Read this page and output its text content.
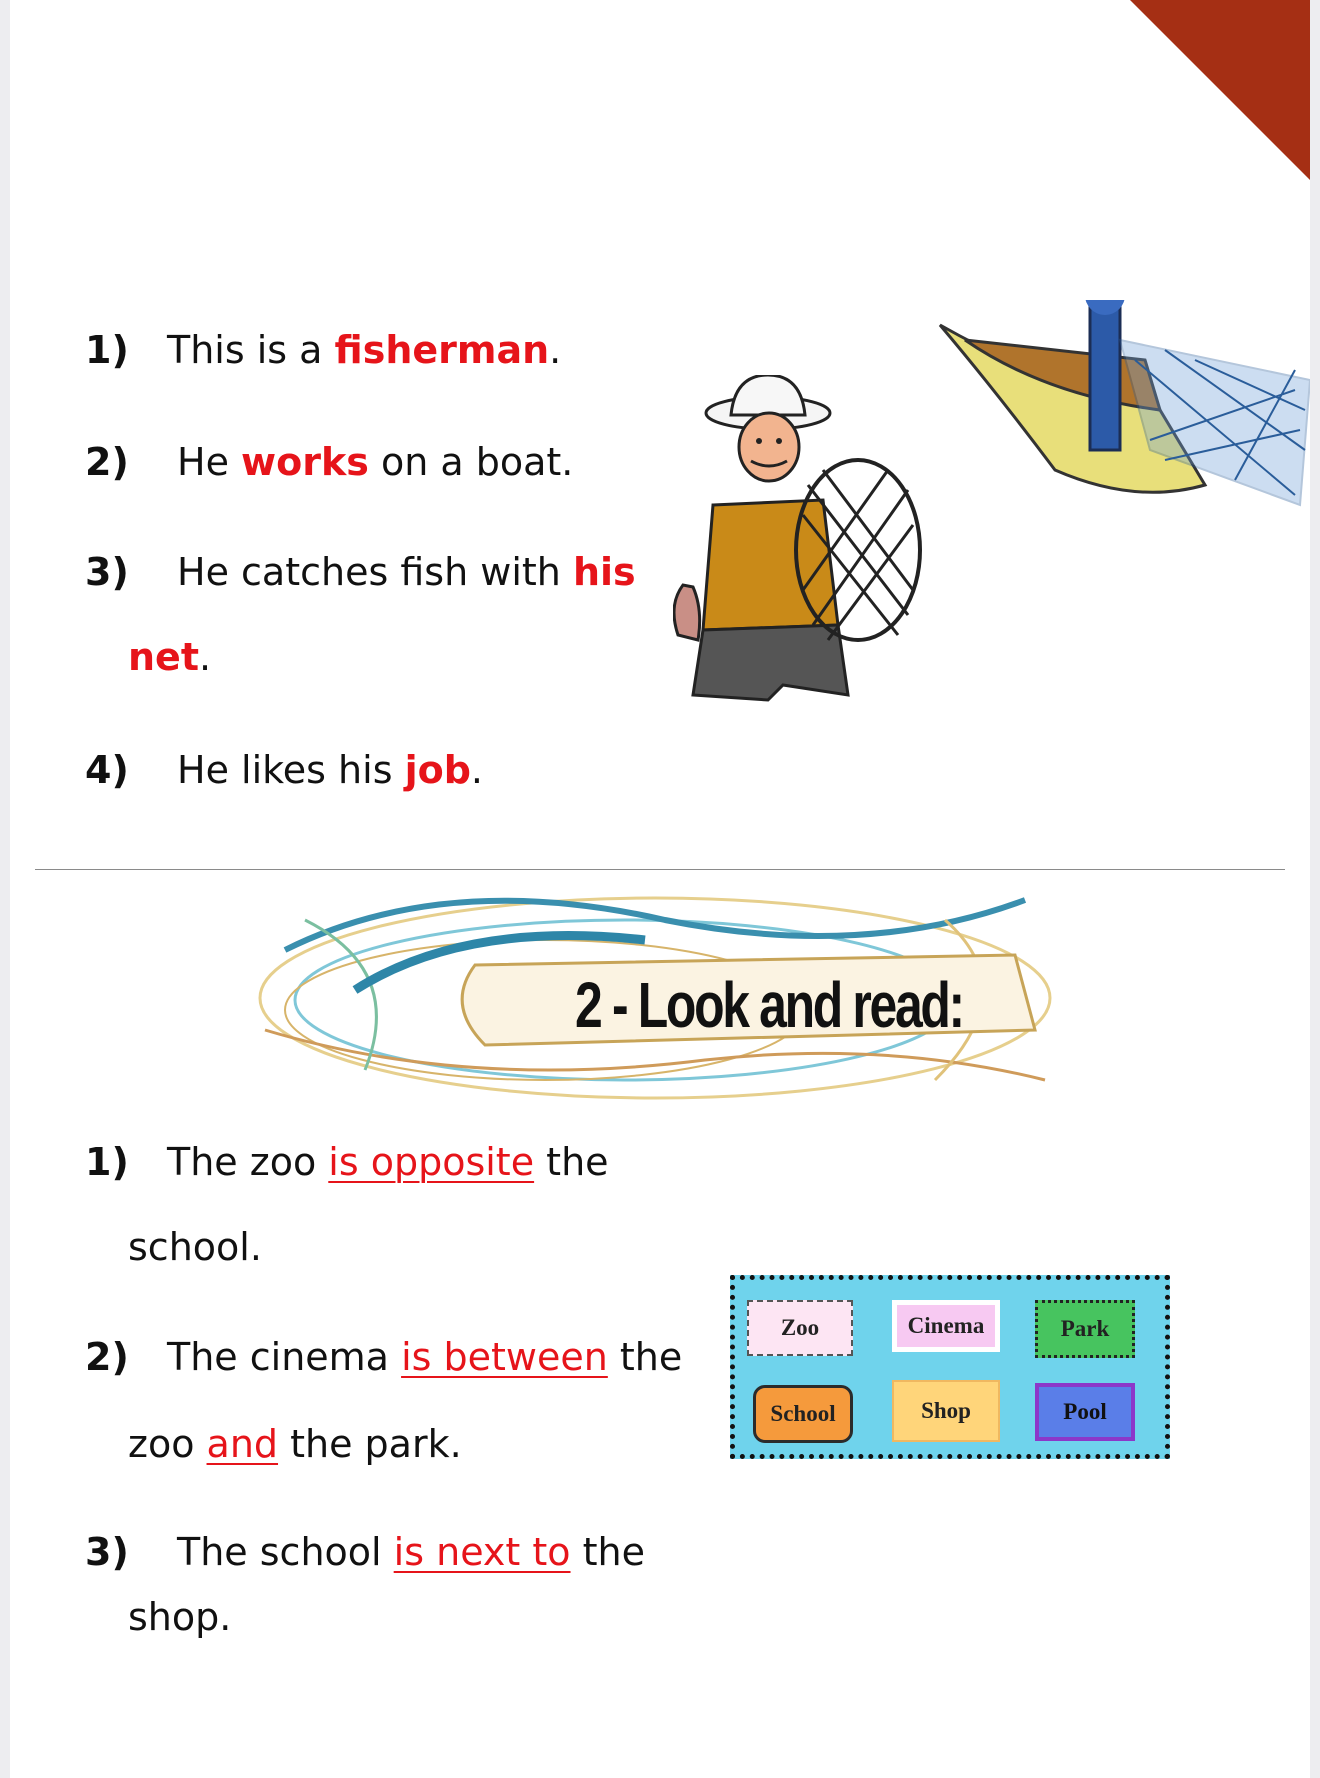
1) This is a fisherman.
2) He works on a boat.
3) He catches fish with his
net.
4) He likes his job.
2 - Look and read:
1) The zoo is opposite the
school.
2) The cinema is between the
zoo and the park.
3) The school is next to the
shop.
Zoo	Cinema	Park
School	Shop	Pool
